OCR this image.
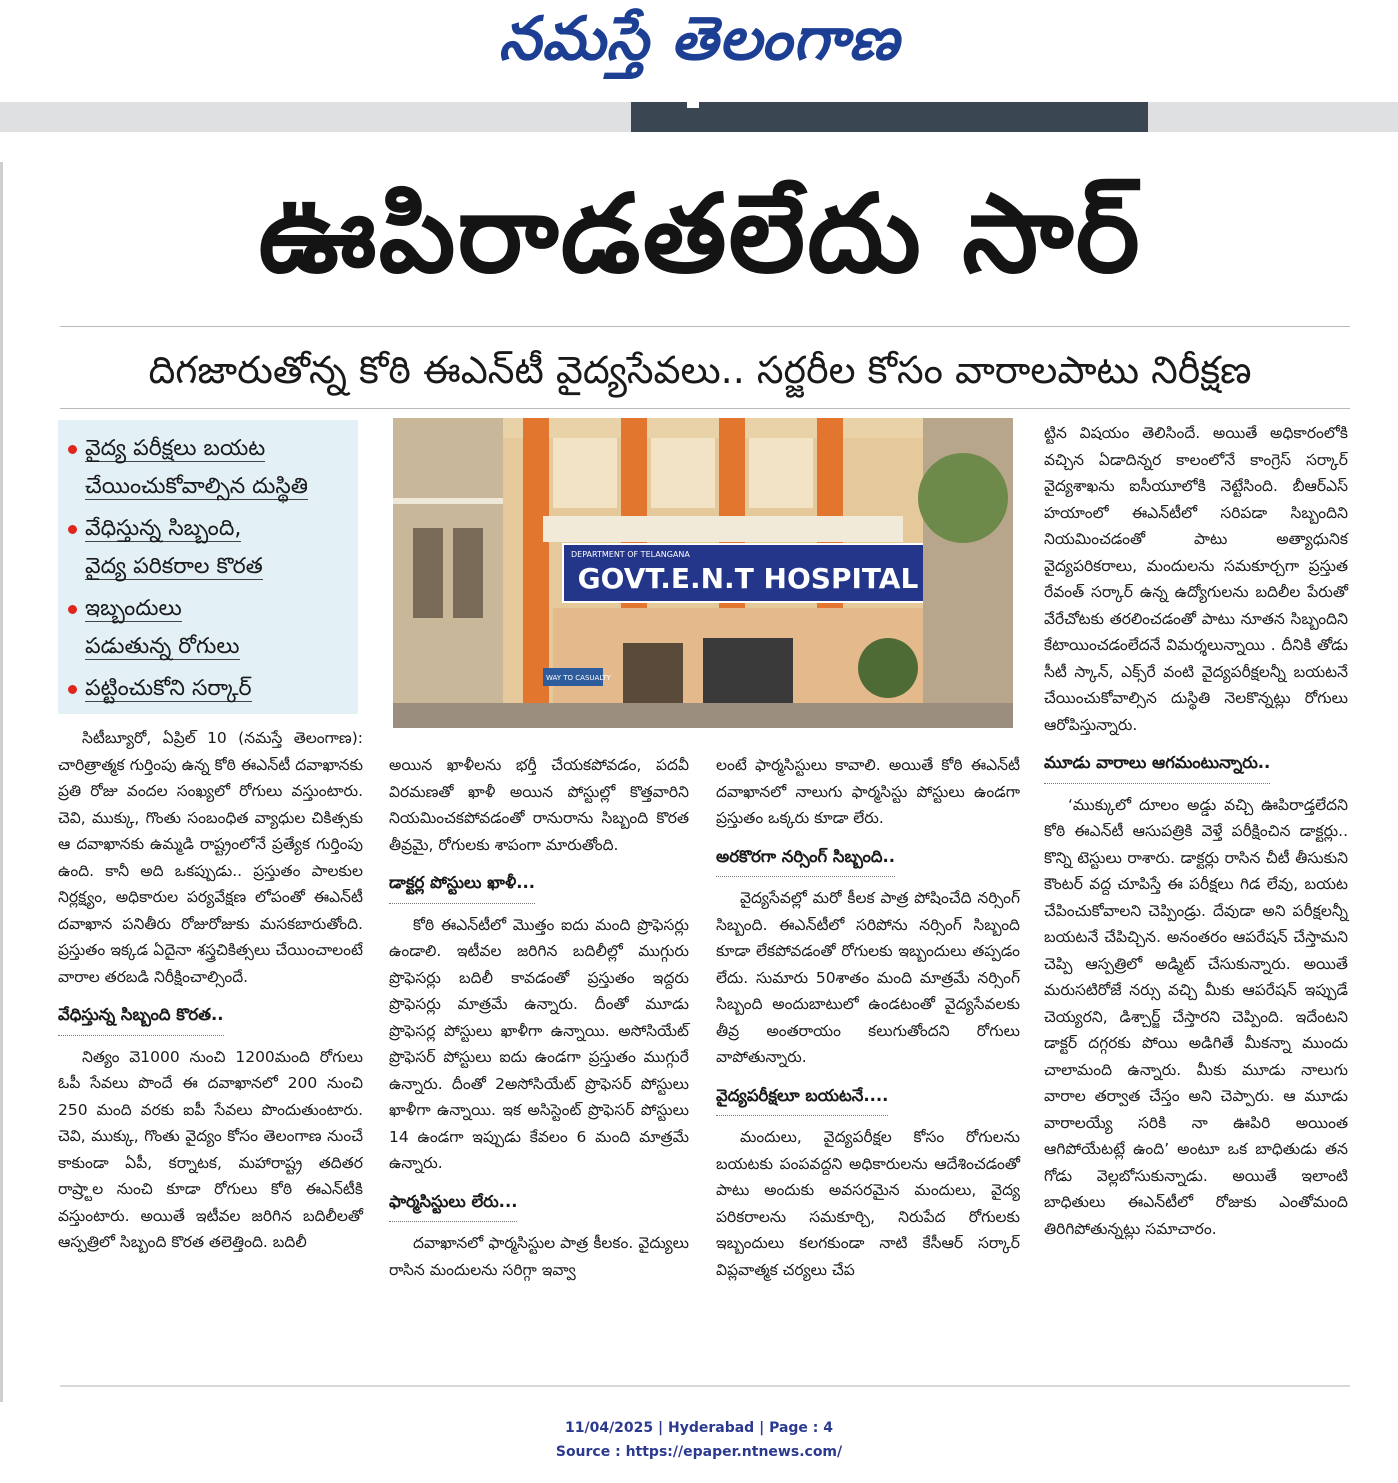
నమస్తే తెలంగాణ
ఊపిరాడతలేదు సార్‌
దిగజారుతోన్న కోఠి ఈఎన్‌టీ వైద్యసేవలు.. సర్జరీల కోసం వారాలపాటు నిరీక్షణ
వైద్య పరీక్షలు బయట
చేయించుకోవాల్సిన దుస్థితి
వేధిస్తున్న సిబ్బంది,
వైద్య పరికరాల కొరత
ఇబ్బందులు
పడుతున్న రోగులు
పట్టించుకోని సర్కార్‌
DEPARTMENT OF TELANGANA
GOVT.E.N.T HOSPITAL
WAY TO CASUALTY

సిటీబ్యూరో, ఏప్రిల్‌ 10 (నమస్తే తెలంగాణ): చారిత్రాత్మక గుర్తింపు ఉన్న కోఠి ఈఎన్‌టీ దవాఖానకు ప్రతి రోజు వందల సంఖ్యలో రోగులు వస్తుంటారు. చెవి, ముక్కు, గొంతు సంబంధిత వ్యాధుల చికిత్సకు ఆ దవాఖానకు ఉమ్మడి రాష్ట్రంలోనే ప్రత్యేక గుర్తింపు ఉంది. కానీ అది ఒకప్పుడు.. ప్రస్తుతం పాలకుల నిర్లక్ష్యం, అధికారుల పర్యవేక్షణ లోపంతో ఈఎన్‌టీ దవాఖాన పనితీరు రోజురోజుకు మసకబారుతోంది. ప్రస్తుతం ఇక్కడ ఏదైనా శస్త్రచికిత్సలు చేయించాలంటే వారాల తరబడి నిరీక్షించాల్సిందే.

వేధిస్తున్న సిబ్బంది కొరత..

నిత్యం వె1000 నుంచి 1200మంది రోగులు ఓపీ సేవలు పొందే ఈ దవాఖానలో 200 నుంచి 250 మంది వరకు ఐపీ సేవలు పొందుతుంటారు. చెవి, ముక్కు, గొంతు వైద్యం కోసం తెలంగాణ నుంచే కాకుండా ఏపీ, కర్నాటక, మహారాష్ట్ర తదితర రాష్ర్టాల నుంచి కూడా రోగులు కోఠి ఈఎన్‌టీకి వస్తుంటారు. అయితే ఇటీవల జరిగిన బదిలీలతో ఆస్పత్రిలో సిబ్బంది కొరత తలెత్తింది. బదిలీ

అయిన ఖాళీలను భర్తీ చేయకపోవడం, పదవీ విరమణతో ఖాళీ అయిన పోస్టుల్లో కొత్తవారిని నియమించకపోవడంతో రానురాను సిబ్బంది కొరత తీవ్రమై, రోగులకు శాపంగా మారుతోంది.

డాక్టర్ల పోస్టులు ఖాళీ...

కోఠి ఈఎన్‌టీలో మొత్తం ఐదు మంది ప్రొఫెసర్లు ఉండాలి. ఇటీవల జరిగిన బదిలీల్లో ముగ్గురు ప్రొఫెసర్లు బదిలీ కావడంతో ప్రస్తుతం ఇద్దరు ప్రొఫెసర్లు మాత్రమే ఉన్నారు. దీంతో మూడు ప్రొఫెసర్ల పోస్టులు ఖాళీగా ఉన్నాయి. అసోసియేట్‌ ప్రొఫెసర్‌ పోస్టులు ఐదు ఉండగా ప్రస్తుతం ముగ్గురే ఉన్నారు. దీంతో 2అసోసియేట్‌ ప్రొఫెసర్‌ పోస్టులు ఖాళీగా ఉన్నాయి. ఇక అసిస్టెంట్‌ ప్రొఫెసర్‌ పోస్టులు 14 ఉండగా ఇప్పుడు కేవలం 6 మంది మాత్రమే ఉన్నారు.

ఫార్మసిస్టులు లేరు...

దవాఖానలో ఫార్మసిస్టుల పాత్ర కీలకం. వైద్యులు రాసిన మందులను సరిగ్గా ఇవ్వా

లంటే ఫార్మసిస్టులు కావాలి. అయితే కోఠి ఈఎన్‌టీ దవాఖానలో నాలుగు ఫార్మసిస్టు పోస్టులు ఉండగా ప్రస్తుతం ఒక్కరు కూడా లేరు.

అరకొరగా నర్సింగ్‌ సిబ్బంది..

వైద్యసేవల్లో మరో కీలక పాత్ర పోషించేది నర్సింగ్‌ సిబ్బంది. ఈఎన్‌టీలో సరిపోను నర్సింగ్‌ సిబ్బంది కూడా లేకపోవడంతో రోగులకు ఇబ్బందులు తప్పడం లేదు. సుమారు 50శాతం మంది మాత్రమే నర్సింగ్‌ సిబ్బంది అందుబాటులో ఉండటంతో వైద్యసేవలకు తీవ్ర అంతరాయం కలుగుతోందని రోగులు వాపోతున్నారు.

వైద్యపరీక్షలూ బయటనే....

మందులు, వైద్యపరీక్షల కోసం రోగులను బయటకు పంపవద్దని అధికారులను ఆదేశించడంతో పాటు అందుకు అవసరమైన మందులు, వైద్య పరికరాలను సమకూర్చి, నిరుపేద రోగులకు ఇబ్బందులు కలగకుండా నాటి కేసీఆర్‌ సర్కార్‌ విప్లవాత్మక చర్యలు చేప

ట్టిన విషయం తెలిసిందే. అయితే అధికారంలోకి వచ్చిన ఏడాదిన్నర కాలంలోనే కాంగ్రెస్‌ సర్కార్‌ వైద్యశాఖను ఐసీయూలోకి నెట్టేసింది. బీఆర్‌ఎస్‌ హయాంలో ఈఎన్‌టీలో సరిపడా సిబ్బందిని నియమించడంతో పాటు అత్యాధునిక వైద్యపరికరాలు, మందులను సమకూర్చగా ప్రస్తుత రేవంత్‌ సర్కార్‌ ఉన్న ఉద్యోగులను బదిలీల పేరుతో వేరేచోటకు తరలించడంతో పాటు నూతన సిబ్బందిని కేటాయించడంలేదనే విమర్శలున్నాయి . దీనికి తోడు సీటీ స్కాన్‌, ఎక్స్‌రే వంటి వైద్యపరీక్షలన్నీ బయటనే చేయించుకోవాల్సిన దుస్థితి నెలకొన్నట్లు రోగులు ఆరోపిస్తున్నారు.

మూడు వారాలు ఆగమంటున్నారు..

‘ముక్కులో దూలం అడ్డు వచ్చి ఊపిరాడ్తలేదని కోఠి ఈఎన్‌టీ ఆసుపత్రికి వెళ్తే పరీక్షించిన డాక్టర్లు.. కొన్ని టెస్టులు రాశారు. డాక్టర్లు రాసిన చీటీ తీసుకుని కౌంటర్‌ వద్ద చూపిస్తే ఈ పరీక్షలు గిడ లేవు, బయట చేపించుకోవాలని చెప్పిండ్రు. దేవుడా అని పరీక్షలన్నీ బయటనే చేపిచ్చిన. అనంతరం ఆపరేషన్‌ చేస్తామని చెప్పి ఆస్పత్రిలో అడ్మిట్‌ చేసుకున్నారు. అయితే మరుసటిరోజే నర్సు వచ్చి మీకు ఆపరేషన్‌ ఇప్పుడే చెయ్యరని, డిశ్చార్జ్‌ చేస్తారని చెప్పింది. ఇదేంటని డాక్టర్‌ దగ్గరకు పోయి అడిగితే మీకన్నా ముందు చాలామంది ఉన్నారు. మీకు మూడు నాలుగు వారాల తర్వాత చేస్తం అని చెప్పారు. ఆ మూడు వారాలయ్యే సరికి నా ఊపిరి అయింత ఆగిపోయేటట్లే ఉంది’ అంటూ ఒక బాధితుడు తన గోడు వెల్లబోసుకున్నాడు. అయితే ఇలాంటి బాధితులు ఈఎన్‌టీలో రోజుకు ఎంతోమంది తిరిగిపోతున్నట్లు సమాచారం.

11/04/2025 | Hyderabad | Page : 4
Source : https://epaper.ntnews.com/
